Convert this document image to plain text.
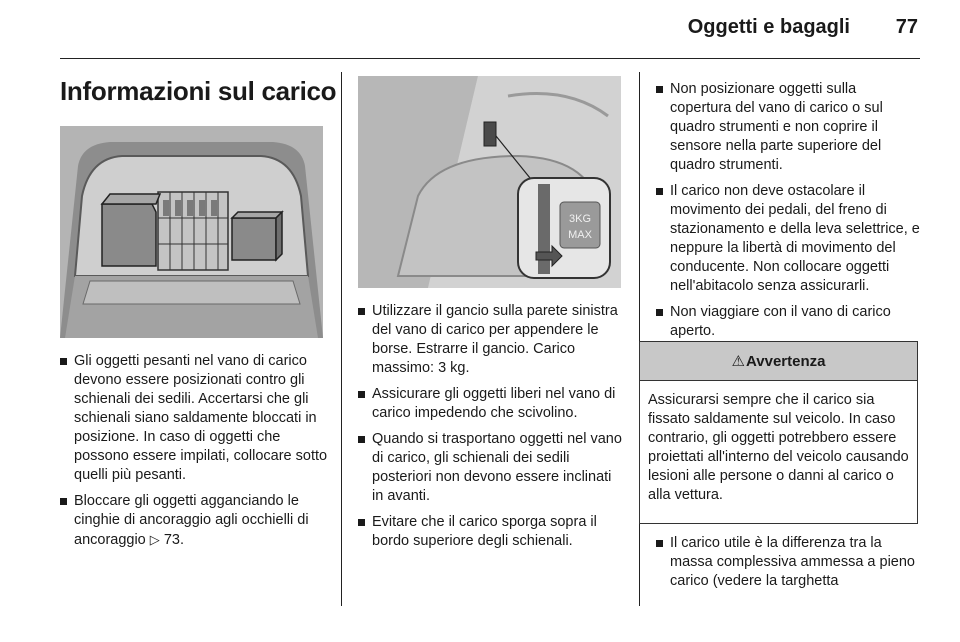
Oggetti e bagagli	77
Informazioni sul carico
3KG
MAX
Gli oggetti pesanti nel vano di carico devono essere posizionati contro gli schienali dei sedili. Accertarsi che gli schienali siano saldamente bloccati in posizione. In caso di oggetti che possono essere impilati, collocare sotto quelli più pesanti.
Bloccare gli oggetti agganciando le cinghie di ancoraggio agli occhielli di ancoraggio ▷ 73.
Utilizzare il gancio sulla parete sinistra del vano di carico per appendere le borse. Estrarre il gancio. Carico massimo: 3 kg.
Assicurare gli oggetti liberi nel vano di carico impedendo che scivolino.
Quando si trasportano oggetti nel vano di carico, gli schienali dei sedili posteriori non devono essere inclinati in avanti.
Evitare che il carico sporga sopra il bordo superiore degli schienali.
Non posizionare oggetti sulla copertura del vano di carico o sul quadro strumenti e non coprire il sensore nella parte superiore del quadro strumenti.
Il carico non deve ostacolare il movimento dei pedali, del freno di stazionamento e della leva selettrice, e neppure la libertà di movimento del conducente. Non collocare oggetti nell'abitacolo senza assicurarli.
Non viaggiare con il vano di carico aperto.
⚠ Avvertenza
Assicurarsi sempre che il carico sia fissato saldamente sul veicolo. In caso contrario, gli oggetti potrebbero essere proiettati all'interno del veicolo causando lesioni alle persone o danni al carico o alla vettura.
Il carico utile è la differenza tra la massa complessiva ammessa a pieno carico (vedere la targhetta
